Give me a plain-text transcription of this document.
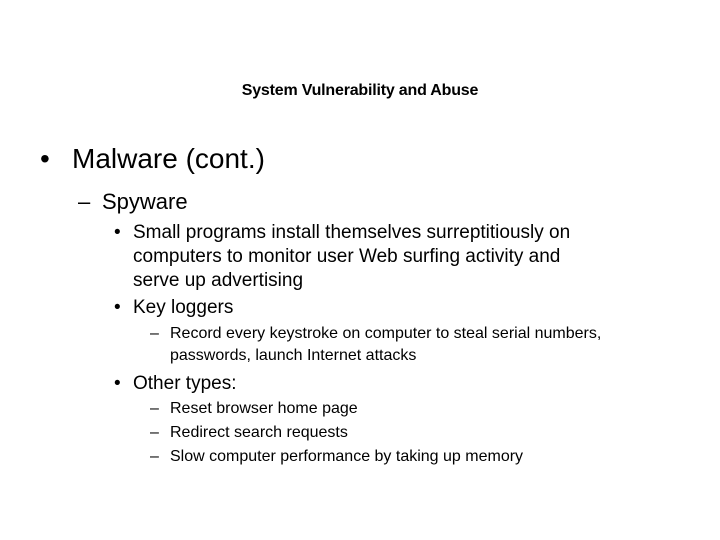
System Vulnerability and Abuse
• Malware (cont.)
– Spyware
• Small programs install themselves surreptitiously on
computers to monitor user Web surfing activity and
serve up advertising
• Key loggers
– Record every keystroke on computer to steal serial numbers,
passwords, launch Internet attacks
• Other types:
– Reset browser home page
– Redirect search requests
– Slow computer performance by taking up memory
